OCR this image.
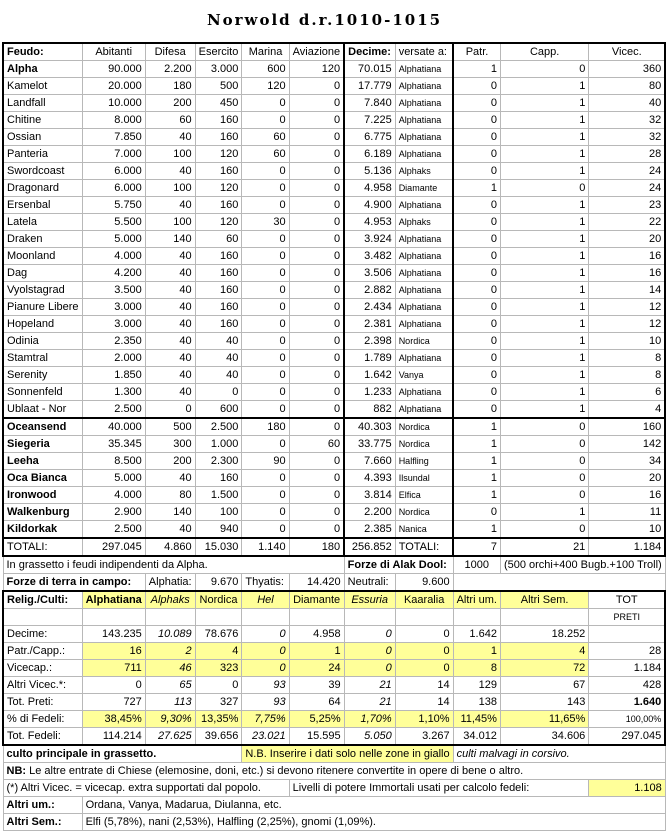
Norwold d.r.1010-1015
Feudo:	Abitanti	Difesa	Esercito	Marina	Aviazione	Decime:	versate a:	Patr.	Capp.	Vicec.
Alpha	90.000	2.200	3.000	600	120	70.015	Alphatiana	1	0	360
Kamelot	20.000	180	500	120	0	17.779	Alphatiana	0	1	80
Landfall	10.000	200	450	0	0	7.840	Alphatiana	0	1	40
Chitine	8.000	60	160	0	0	7.225	Alphatiana	0	1	32
Ossian	7.850	40	160	60	0	6.775	Alphatiana	0	1	32
Panteria	7.000	100	120	60	0	6.189	Alphatiana	0	1	28
Swordcoast	6.000	40	160	0	0	5.136	Alphaks	0	1	24
Dragonard	6.000	100	120	0	0	4.958	Diamante	1	0	24
Ersenbal	5.750	40	160	0	0	4.900	Alphatiana	0	1	23
Latela	5.500	100	120	30	0	4.953	Alphaks	0	1	22
Draken	5.000	140	60	0	0	3.924	Alphatiana	0	1	20
Moonland	4.000	40	160	0	0	3.482	Alphatiana	0	1	16
Dag	4.200	40	160	0	0	3.506	Alphatiana	0	1	16
Vyolstagrad	3.500	40	160	0	0	2.882	Alphatiana	0	1	14
Pianure Libere	3.000	40	160	0	0	2.434	Alphatiana	0	1	12
Hopeland	3.000	40	160	0	0	2.381	Alphatiana	0	1	12
Odinia	2.350	40	40	0	0	2.398	Nordica	0	1	10
Stamtral	2.000	40	40	0	0	1.789	Alphatiana	0	1	8
Serenity	1.850	40	40	0	0	1.642	Vanya	0	1	8
Sonnenfeld	1.300	40	0	0	0	1.233	Alphatiana	0	1	6
Ublaat - Nor	2.500	0	600	0	0	882	Alphatiana	0	1	4
Oceansend	40.000	500	2.500	180	0	40.303	Nordica	1	0	160
Siegeria	35.345	300	1.000	0	60	33.775	Nordica	1	0	142
Leeha	8.500	200	2.300	90	0	7.660	Halfling	1	0	34
Oca Bianca	5.000	40	160	0	0	4.393	Ilsundal	1	0	20
Ironwood	4.000	80	1.500	0	0	3.814	Elfica	1	0	16
Walkenburg	2.900	140	100	0	0	2.200	Nordica	0	1	11
Kildorkak	2.500	40	940	0	0	2.385	Nanica	1	0	10
TOTALI:	297.045	4.860	15.030	1.140	180	256.852	TOTALI:	7	21	1.184
In grassetto i feudi indipendenti da Alpha.						Forze di Alak Dool:		1000	(500 orchi+400 Bugb.+100 Troll)	
Forze di terra in campo:		Alphatia:	9.670	Thyatis:	14.420	Neutrali:	9.600			
Relig./Culti:	Alphatiana	Alphaks	Nordica	Hel	Diamante	Essuria	Kaaralia	Altri um.	Altri Sem.	TOT
										PRETI
Decime:	143.235	10.089	78.676	0	4.958	0	0	1.642	18.252	
Patr./Capp.:	16	2	4	0	1	0	0	1	4	28
Vicecap.:	711	46	323	0	24	0	0	8	72	1.184
Altri Vicec.*:	0	65	0	93	39	21	14	129	67	428
Tot. Preti:	727	113	327	93	64	21	14	138	143	1.640
% di Fedeli:	38,45%	9,30%	13,35%	7,75%	5,25%	1,70%	1,10%	11,45%	11,65%	100,00%
Tot. Fedeli:	114.214	27.625	39.656	23.021	15.595	5.050	3.267	34.012	34.606	297.045
culto principale in grassetto.				N.B. Inserire i dati solo nelle zone in giallo				culti malvagi in corsivo.		
NB: Le altre entrate di Chiese (elemosine, doni, etc.) si devono ritenere convertite in opere di bene o altro.										
(*) Altri Vicec. = vicecap. extra supportati dal popolo.					Livelli di potere Immortali usati per calcolo fedeli:					1.108
Altri um.:	Ordana, Vanya, Madarua, Diulanna, etc.									
Altri Sem.:	Elfi (5,78%), nani (2,53%), Halfling (2,25%), gnomi (1,09%).									
